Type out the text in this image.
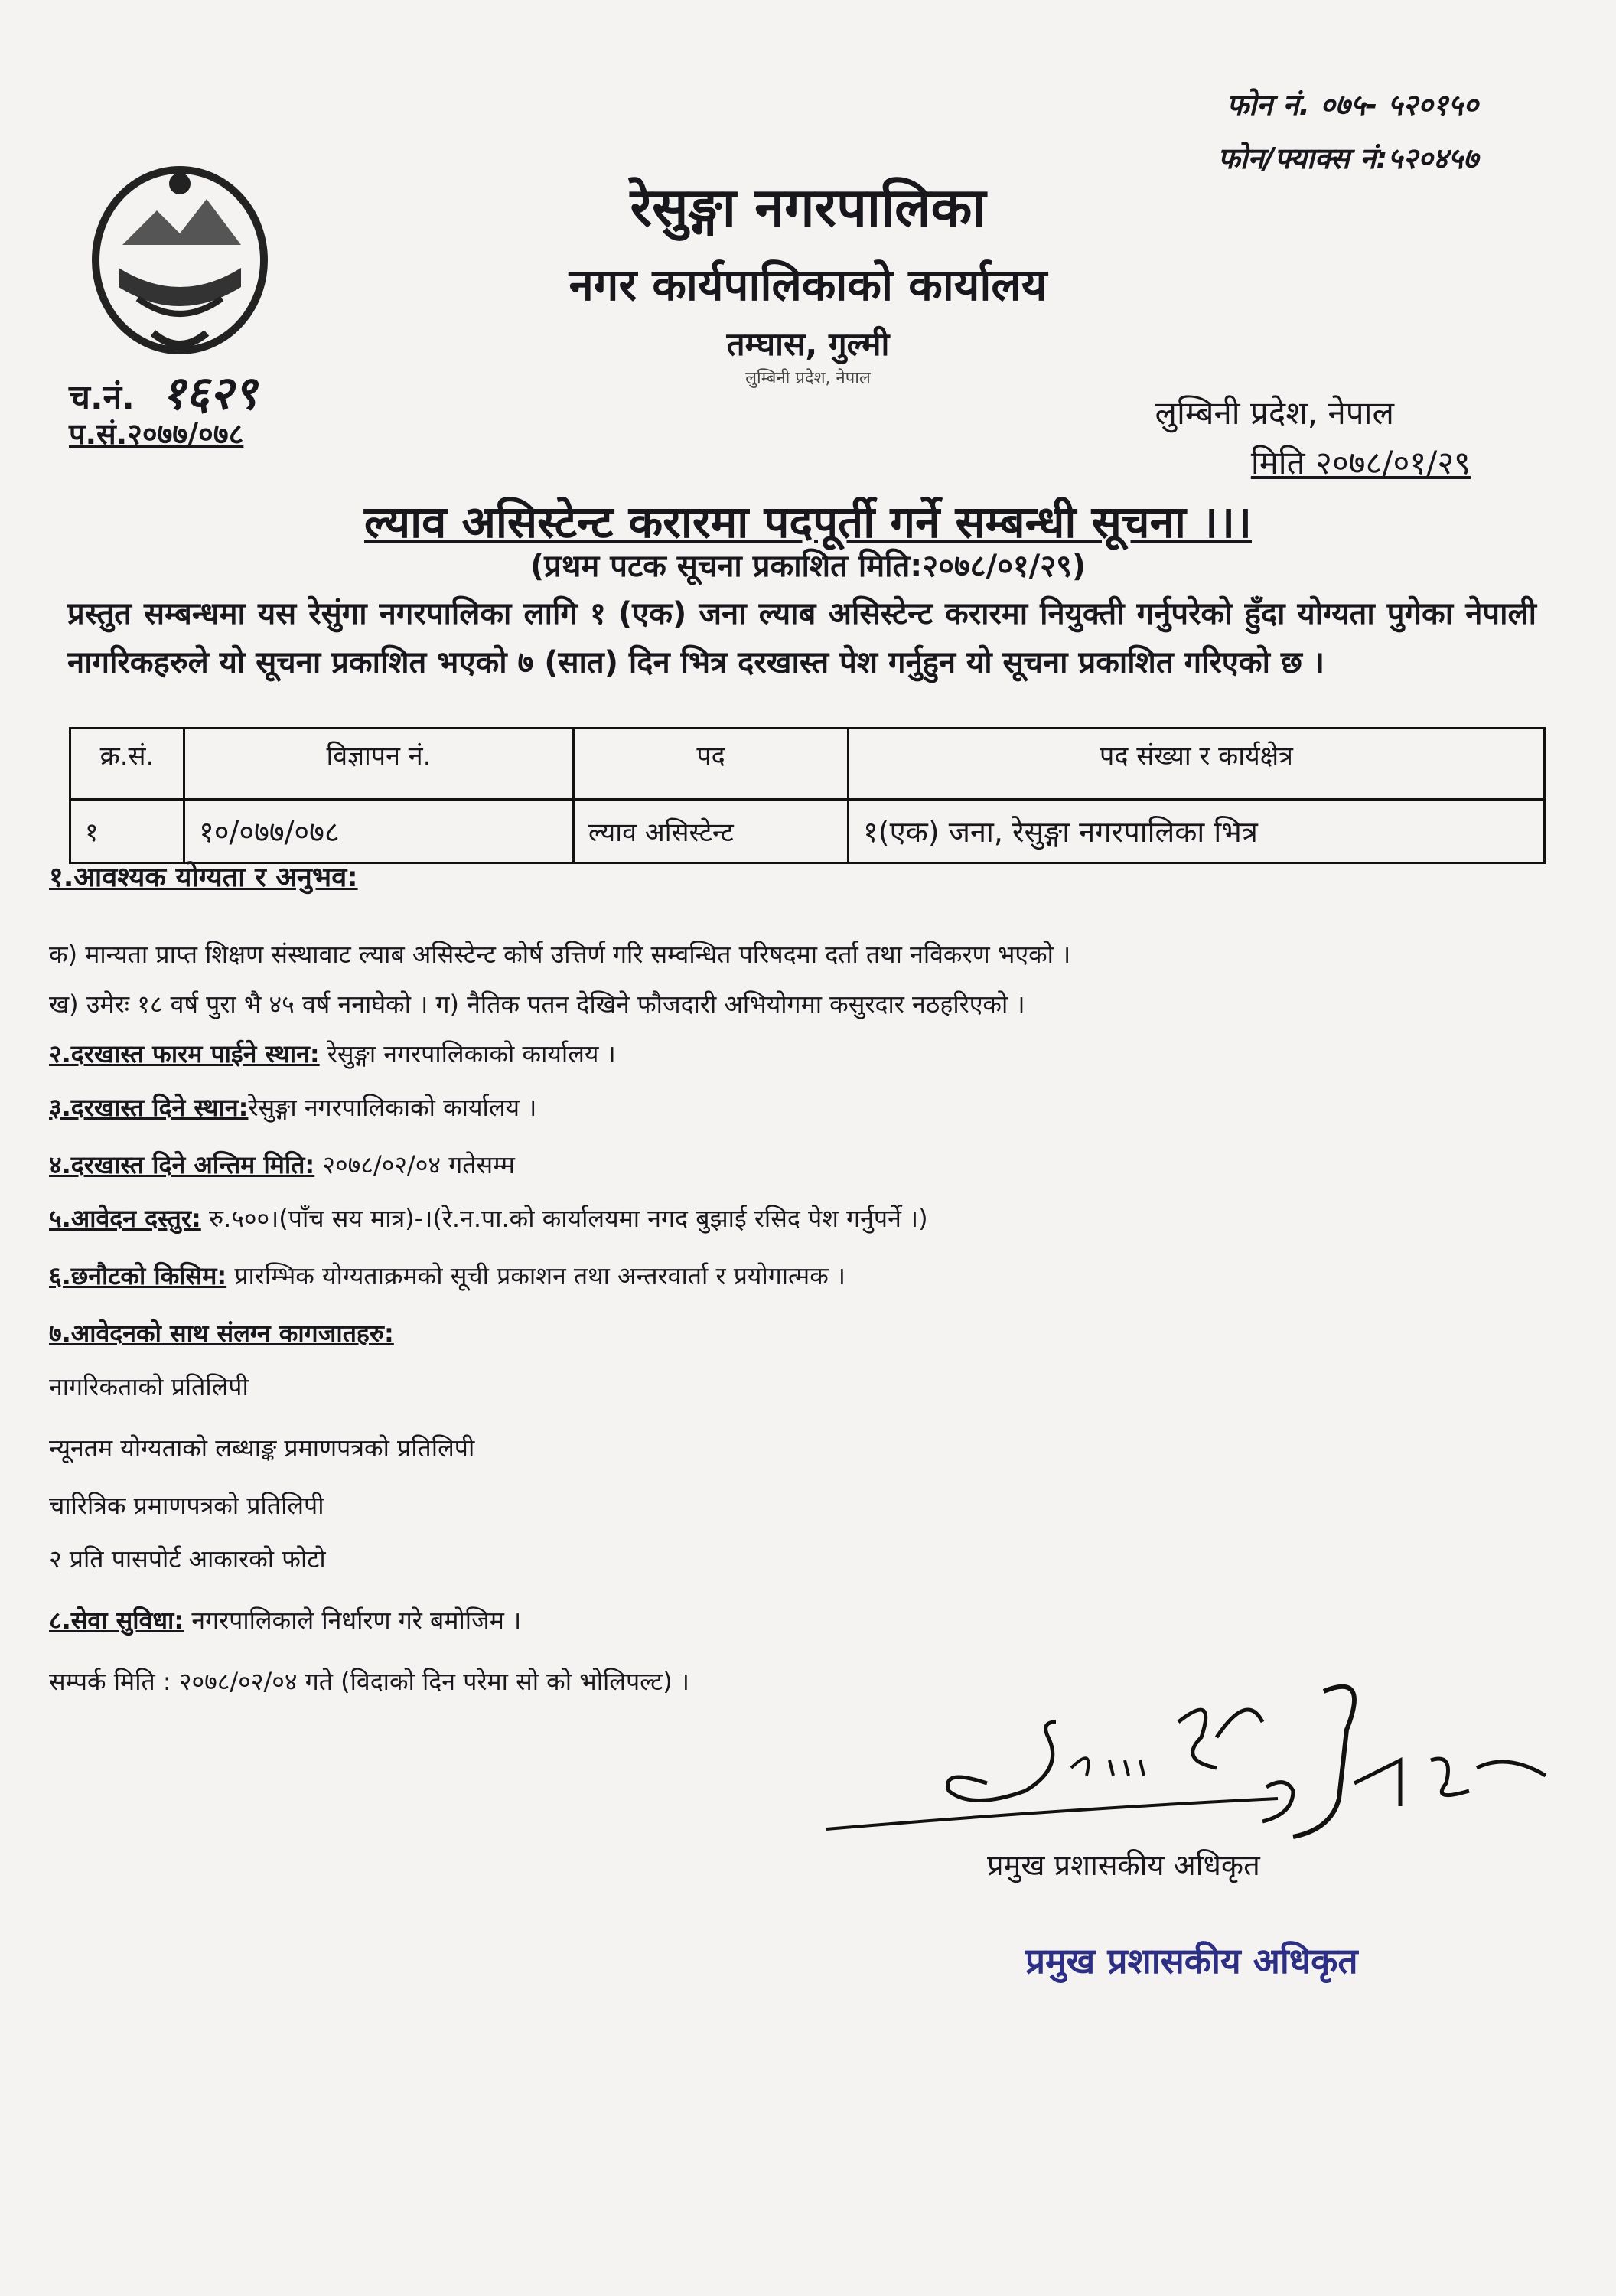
फोन नं. ०७५- ५२०१५०
फोन/फ्याक्स नं:५२०४५७
रेसुङ्गा नगरपालिका
नगर कार्यपालिकाको कार्यालय
तम्घास, गुल्मी
लुम्बिनी प्रदेश, नेपाल
च.नं. १६२९
प.सं.२०७७/०७८
लुम्बिनी प्रदेश, नेपाल
मिति २०७८/०१/२९
ल्याव असिस्टेन्ट करारमा पदपूर्ती गर्ने सम्बन्धी सूचना ।।।
(प्रथम पटक सूचना प्रकाशित मिति:२०७८/०१/२९)
प्रस्तुत सम्बन्धमा यस रेसुंगा नगरपालिका लागि १ (एक) जना ल्याब असिस्टेन्ट करारमा नियुक्ती गर्नुपरेको हुँदा योग्यता पुगेका नेपाली नागरिकहरुले यो सूचना प्रकाशित भएको ७ (सात) दिन भित्र दरखास्त पेश गर्नुहुन यो सूचना प्रकाशित गरिएको छ ।
क्र.सं.	विज्ञापन नं.	पद	पद संख्या र कार्यक्षेत्र
१	१०/०७७/०७८	ल्याव असिस्टेन्ट	१(एक) जना, रेसुङ्गा नगरपालिका भित्र
१.आवश्यक योग्यता र अनुभव:
क) मान्यता प्राप्त शिक्षण संस्थावाट ल्याब असिस्टेन्ट कोर्ष उत्तिर्ण गरि सम्वन्धित परिषदमा दर्ता तथा नविकरण भएको ।
ख) उमेरः १८ वर्ष पुरा भै ४५ वर्ष ननाघेको । ग) नैतिक पतन देखिने फौजदारी अभियोगमा कसुरदार नठहरिएको ।
२.दरखास्त फारम पाईने स्थान: रेसुङ्गा नगरपालिकाको कार्यालय ।
३.दरखास्त दिने स्थान:रेसुङ्गा नगरपालिकाको कार्यालय ।
४.दरखास्त दिने अन्तिम मिति: २०७८/०२/०४ गतेसम्म
५.आवेदन दस्तुर: रु.५००।(पाँच सय मात्र)-।(रे.न.पा.को कार्यालयमा नगद बुझाई रसिद पेश गर्नुपर्ने ।)
६.छनौटको किसिम: प्रारम्भिक योग्यताक्रमको सूची प्रकाशन तथा अन्तरवार्ता र प्रयोगात्मक ।
७.आवेदनको साथ संलग्न कागजातहरु:
नागरिकताको प्रतिलिपी
न्यूनतम योग्यताको लब्धाङ्क प्रमाणपत्रको प्रतिलिपी
चारित्रिक प्रमाणपत्रको प्रतिलिपी
२ प्रति पासपोर्ट आकारको फोटो
८.सेवा सुविधा: नगरपालिकाले निर्धारण गरे बमोजिम ।
सम्पर्क मिति : २०७८/०२/०४ गते (विदाको दिन परेमा सो को भोलिपल्ट) ।
प्रमुख प्रशासकीय अधिकृत
प्रमुख प्रशासकीय अधिकृत
